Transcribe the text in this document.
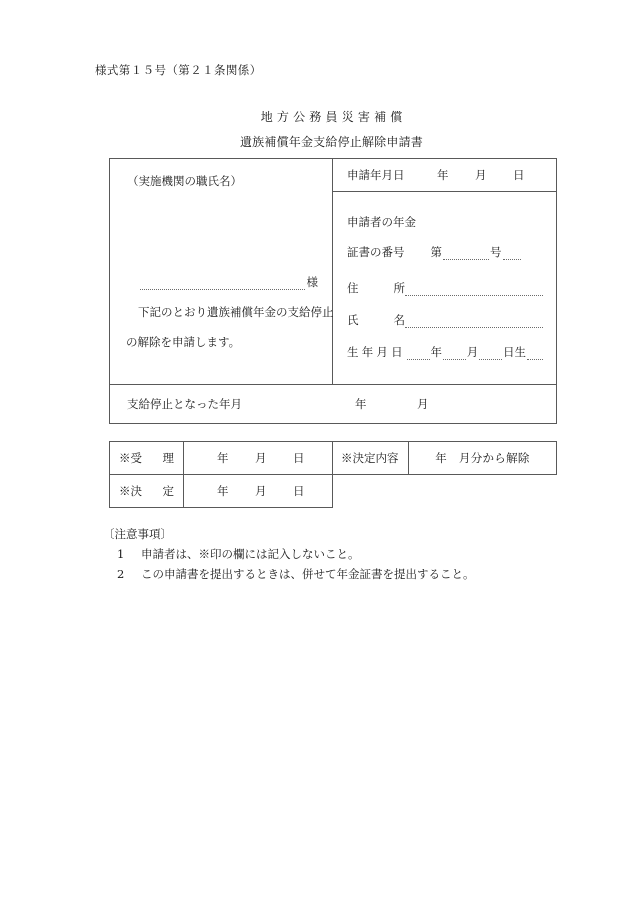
様式第１５号（第２１条関係）
地方公務員災害補償
遺族補償年金支給停止解除申請書
（実施機関の職氏名）
様
下記のとおり遺族補償年金の支給停止
の解除を申請します。

申請年月日	年 月 日
申請者の年金
証書の番号 第	号
住	所
氏	名
生年月日 年 月 日生

支給停止となった年月	年	月
※受 理	年 月 日	※決定内容	年　月分から解除

※決 定	年 月 日		

〔注意事項〕
1	申請者は、※印の欄には記入しないこと。
2	この申請書を提出するときは、併せて年金証書を提出すること。
